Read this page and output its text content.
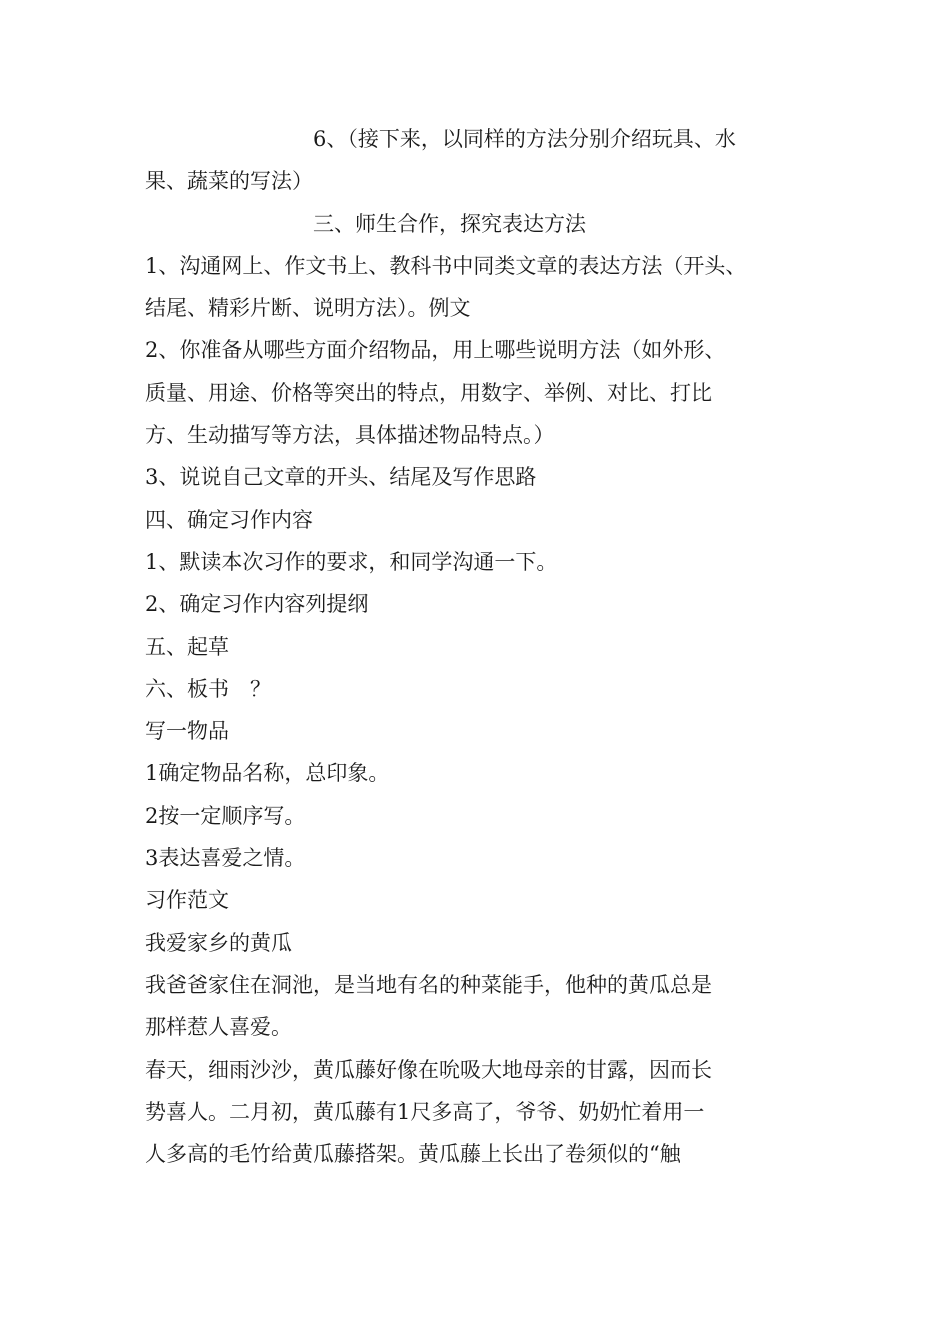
6、（接下来，以同样的方法分别介绍玩具、水

果、蔬菜的写法）

三、师生合作，探究表达方法

1、沟通网上、作文书上、教科书中同类文章的表达方法（开头、

结尾、精彩片断、说明方法）。例文

2、你准备从哪些方面介绍物品，用上哪些说明方法（如外形、

质量、用途、价格等突出的特点，用数字、举例、对比、打比

方、生动描写等方法，具体描述物品特点。）

3、说说自己文章的开头、结尾及写作思路

四、确定习作内容

1、默读本次习作的要求，和同学沟通一下。

2、确定习作内容列提纲

五、起草

六、板书　？

写一物品

1确定物品名称，总印象。

2按一定顺序写。

3表达喜爱之情。

习作范文

我爱家乡的黄瓜

我爸爸家住在洞池，是当地有名的种菜能手，他种的黄瓜总是

那样惹人喜爱。

春天，细雨沙沙，黄瓜藤好像在吮吸大地母亲的甘露，因而长

势喜人。二月初，黄瓜藤有1尺多高了，爷爷、奶奶忙着用一

人多高的毛竹给黄瓜藤搭架。黄瓜藤上长出了卷须似的“触
